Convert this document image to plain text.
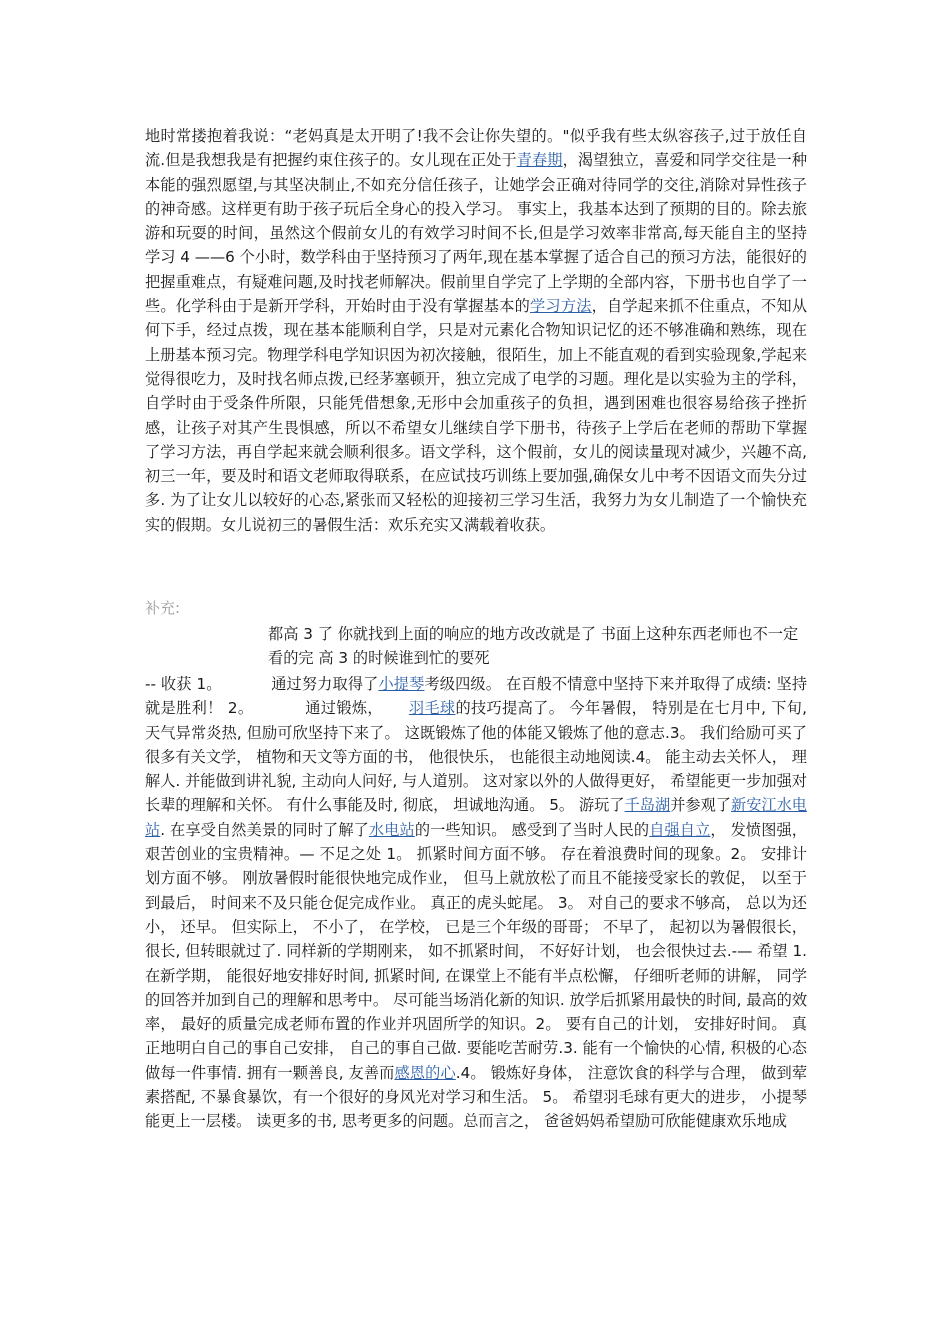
地时常搂抱着我说：“老妈真是太开明了!我不会让你失望的。"似乎我有些太纵容孩子,过于放任自流.但是我想我是有把握约束住孩子的。女儿现在正处于青春期，渴望独立，喜爱和同学交往是一种本能的强烈愿望,与其坚决制止,不如充分信任孩子，让她学会正确对待同学的交往,消除对异性孩子的神奇感。这样更有助于孩子玩后全身心的投入学习。 事实上，我基本达到了预期的目的。除去旅游和玩耍的时间，虽然这个假前女儿的有效学习时间不长,但是学习效率非常高,每天能自主的坚持学习 4 ——6 个小时，数学科由于坚持预习了两年,现在基本掌握了适合自己的预习方法，能很好的把握重难点，有疑难问题,及时找老师解决。假前里自学完了上学期的全部内容，下册书也自学了一些。化学科由于是新开学科，开始时由于没有掌握基本的学习方法，自学起来抓不住重点，不知从何下手，经过点拨，现在基本能顺利自学，只是对元素化合物知识记忆的还不够准确和熟练，现在上册基本预习完。物理学科电学知识因为初次接触，很陌生，加上不能直观的看到实验现象,学起来觉得很吃力，及时找名师点拨,已经茅塞顿开，独立完成了电学的习题。理化是以实验为主的学科，自学时由于受条件所限，只能凭借想象,无形中会加重孩子的负担，遇到困难也很容易给孩子挫折感，让孩子对其产生畏惧感，所以不希望女儿继续自学下册书，待孩子上学后在老师的帮助下掌握了学习方法，再自学起来就会顺利很多。语文学科，这个假前，女儿的阅读量现对减少，兴趣不高,初三一年，要及时和语文老师取得联系，在应试技巧训练上要加强,确保女儿中考不因语文而失分过多. 为了让女儿以较好的心态,紧张而又轻松的迎接初三学习生活，我努力为女儿制造了一个愉快充实的假期。女儿说初三的暑假生活：欢乐充实又满载着收获。

补充:
都高 3 了 你就找到上面的响应的地方改改就是了 书面上这种东西老师也不一定看的完 高 3 的时候谁到忙的要死

-- 收获 1。          通过努力取得了小提琴考级四级。 在百般不情意中坚持下来并取得了成绩: 坚持就是胜利！ 2。          通过锻炼，     羽毛球的技巧提高了。 今年暑假， 特别是在七月中, 下旬, 天气异常炎热, 但励可欣坚持下来了。 这既锻炼了他的体能又锻炼了他的意志.3。 我们给励可买了很多有关文学， 植物和天文等方面的书， 他很快乐， 也能很主动地阅读.4。 能主动去关怀人， 理解人. 并能做到讲礼貌, 主动向人问好, 与人道别。 这对家以外的人做得更好， 希望能更一步加强对长辈的理解和关怀。 有什么事能及时, 彻底， 坦诚地沟通。 5。 游玩了千岛湖并参观了新安江水电站. 在享受自然美景的同时了解了水电站的一些知识。 感受到了当时人民的自强自立， 发愤图强， 艰苦创业的宝贵精神。— 不足之处 1。 抓紧时间方面不够。 存在着浪费时间的现象。2。 安排计划方面不够。 刚放暑假时能很快地完成作业， 但马上就放松了而且不能接受家长的敦促， 以至于到最后， 时间来不及只能仓促完成作业。 真正的虎头蛇尾。 3。 对自己的要求不够高， 总以为还小， 还早。 但实际上， 不小了， 在学校， 已是三个年级的哥哥； 不早了， 起初以为暑假很长， 很长, 但转眼就过了. 同样新的学期刚来， 如不抓紧时间， 不好好计划， 也会很快过去.-— 希望 1. 在新学期， 能很好地安排好时间, 抓紧时间, 在课堂上不能有半点松懈， 仔细听老师的讲解， 同学的回答并加到自己的理解和思考中。 尽可能当场消化新的知识. 放学后抓紧用最快的时间, 最高的效率， 最好的质量完成老师布置的作业并巩固所学的知识。2。 要有自己的计划， 安排好时间。 真正地明白自己的事自己安排， 自己的事自己做. 要能吃苦耐劳.3. 能有一个愉快的心情, 积极的心态做每一件事情. 拥有一颗善良, 友善而感恩的心.4。 锻炼好身体， 注意饮食的科学与合理， 做到荤素搭配, 不暴食暴饮，有一个很好的身风光对学习和生活。 5。 希望羽毛球有更大的进步， 小提琴能更上一层楼。 读更多的书, 思考更多的问题。总而言之， 爸爸妈妈希望励可欣能健康欢乐地成
